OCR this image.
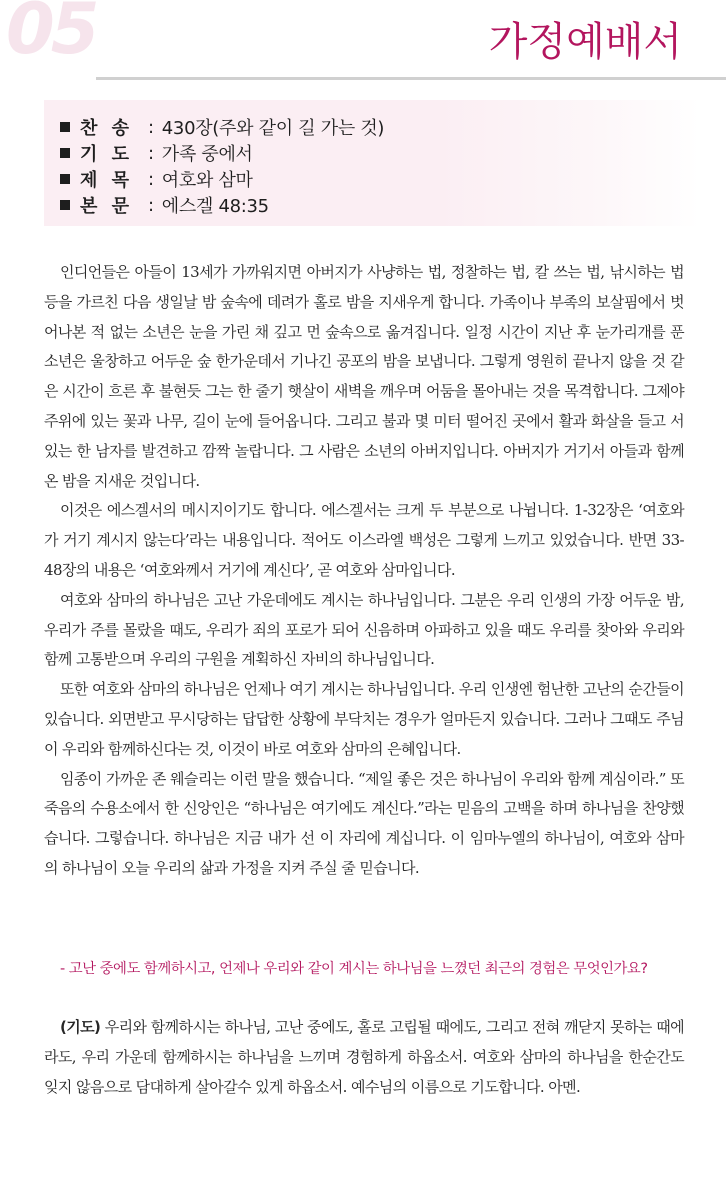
05	가정예배서
찬 송 : 430장(주와 같이 길 가는 것)
기 도 : 가족 중에서
제 목 : 여호와 삼마
본 문 : 에스겔 48:35

인디언들은 아들이 13세가 가까워지면 아버지가 사냥하는 법, 정찰하는 법, 칼 쓰는 법, 낚시하는 법 등을 가르친 다음 생일날 밤 숲속에 데려가 홀로 밤을 지새우게 합니다. 가족이나 부족의 보살핌에서 벗어나본 적 없는 소년은 눈을 가린 채 깊고 먼 숲속으로 옮겨집니다. 일정 시간이 지난 후 눈가리개를 푼 소년은 울창하고 어두운 숲 한가운데서 기나긴 공포의 밤을 보냅니다. 그렇게 영원히 끝나지 않을 것 같은 시간이 흐른 후 불현듯 그는 한 줄기 햇살이 새벽을 깨우며 어둠을 몰아내는 것을 목격합니다. 그제야 주위에 있는 꽃과 나무, 길이 눈에 들어옵니다. 그리고 불과 몇 미터 떨어진 곳에서 활과 화살을 들고 서 있는 한 남자를 발견하고 깜짝 놀랍니다. 그 사람은 소년의 아버지입니다. 아버지가 거기서 아들과 함께 온 밤을 지새운 것입니다.

이것은 에스겔서의 메시지이기도 합니다. 에스겔서는 크게 두 부분으로 나뉩니다. 1-32장은 ‘여호와가 거기 계시지 않는다’라는 내용입니다. 적어도 이스라엘 백성은 그렇게 느끼고 있었습니다. 반면 33-48장의 내용은 ‘여호와께서 거기에 계신다’, 곧 여호와 삼마입니다.

여호와 삼마의 하나님은 고난 가운데에도 계시는 하나님입니다. 그분은 우리 인생의 가장 어두운 밤, 우리가 주를 몰랐을 때도, 우리가 죄의 포로가 되어 신음하며 아파하고 있을 때도 우리를 찾아와 우리와 함께 고통받으며 우리의 구원을 계획하신 자비의 하나님입니다.

또한 여호와 삼마의 하나님은 언제나 여기 계시는 하나님입니다. 우리 인생엔 험난한 고난의 순간들이 있습니다. 외면받고 무시당하는 답답한 상황에 부닥치는 경우가 얼마든지 있습니다. 그러나 그때도 주님이 우리와 함께하신다는 것, 이것이 바로 여호와 삼마의 은혜입니다.

임종이 가까운 존 웨슬리는 이런 말을 했습니다. “제일 좋은 것은 하나님이 우리와 함께 계심이라.” 또 죽음의 수용소에서 한 신앙인은 “하나님은 여기에도 계신다.”라는 믿음의 고백을 하며 하나님을 찬양했습니다. 그렇습니다. 하나님은 지금 내가 선 이 자리에 계십니다. 이 임마누엘의 하나님이, 여호와 삼마의 하나님이 오늘 우리의 삶과 가정을 지켜 주실 줄 믿습니다.

- 고난 중에도 함께하시고, 언제나 우리와 같이 계시는 하나님을 느꼈던 최근의 경험은 무엇인가요?
(기도) 우리와 함께하시는 하나님, 고난 중에도, 홀로 고립될 때에도, 그리고 전혀 깨닫지 못하는 때에라도, 우리 가운데 함께하시는 하나님을 느끼며 경험하게 하옵소서. 여호와 삼마의 하나님을 한순간도 잊지 않음으로 담대하게 살아갈수 있게 하옵소서. 예수님의 이름으로 기도합니다. 아멘.
